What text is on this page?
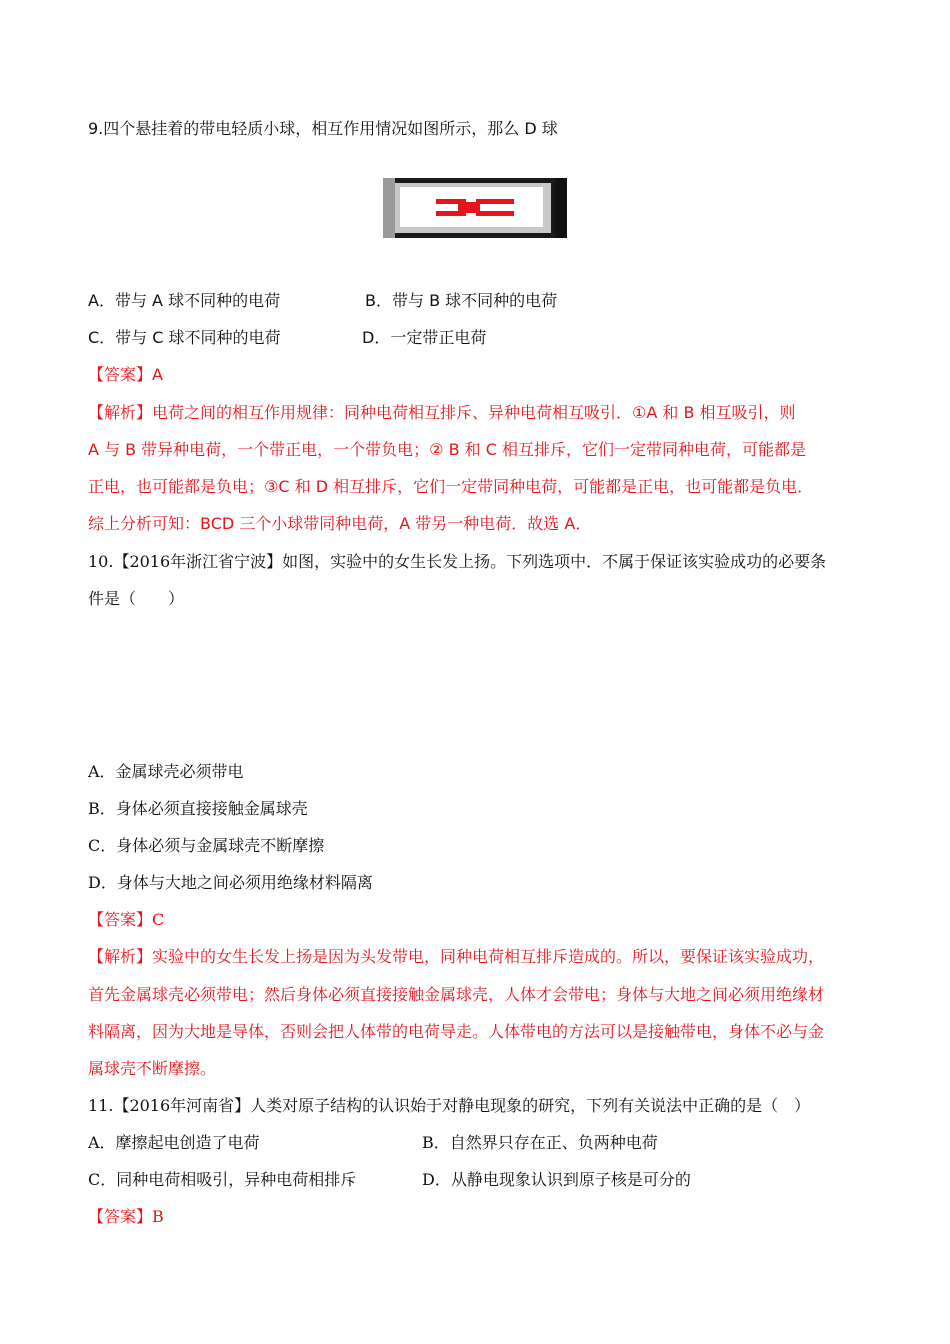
9.四个悬挂着的带电轻质小球，相互作用情况如图所示，那么 D 球
A．带与 A 球不同种的电荷	B．带与 B 球不同种的电荷
C．带与 C 球不同种的电荷	D．一定带正电荷
【答案】A
【解析】电荷之间的相互作用规律：同种电荷相互排斥、异种电荷相互吸引．①A 和 B 相互吸引，则
A 与 B 带异种电荷，一个带正电，一个带负电；② B 和 C 相互排斥，它们一定带同种电荷，可能都是
正电，也可能都是负电；③C 和 D 相互排斥，它们一定带同种电荷，可能都是正电，也可能都是负电．
综上分析可知：BCD 三个小球带同种电荷，A 带另一种电荷．故选 A．
10.【2016年浙江省宁波】如图，实验中的女生长发上扬。下列选项中．不属于保证该实验成功的必要条
件是（　　）
A．金属球壳必须带电
B．身体必须直接接触金属球壳
C．身体必须与金属球壳不断摩擦
D．身体与大地之间必须用绝缘材料隔离
【答案】C
【解析】实验中的女生长发上扬是因为头发带电，同种电荷相互排斥造成的。所以，要保证该实验成功，
首先金属球壳必须带电；然后身体必须直接接触金属球壳，人体才会带电；身体与大地之间必须用绝缘材
料隔离，因为大地是导体，否则会把人体带的电荷导走。人体带电的方法可以是接触带电，身体不必与金
属球壳不断摩擦。
11.【2016年河南省】人类对原子结构的认识始于对静电现象的研究，下列有关说法中正确的是（　）
A．摩擦起电创造了电荷	B．自然界只存在正、负两种电荷
C．同种电荷相吸引，异种电荷相排斥	D．从静电现象认识到原子核是可分的
【答案】B
